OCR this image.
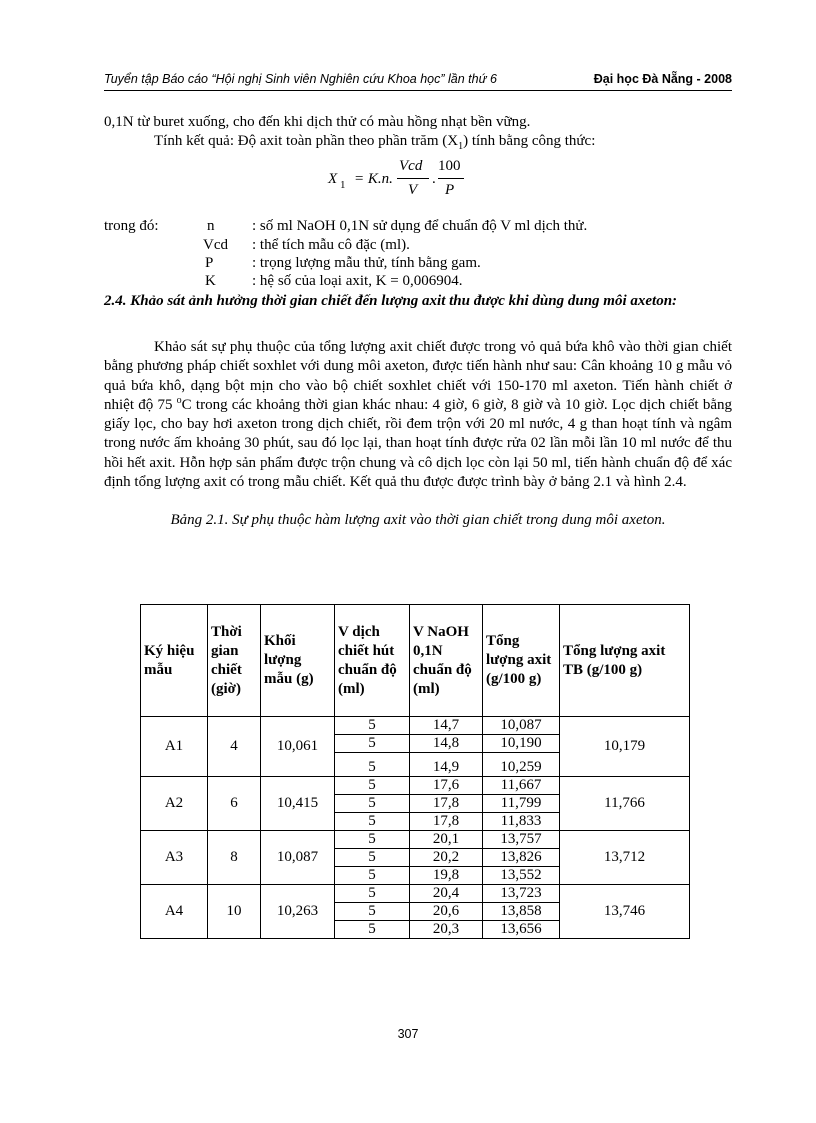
Tuyển tập Báo cáo “Hội nghị Sinh viên Nghiên cứu Khoa học” lần thứ 6	Đại học Đà Nẵng - 2008
0,1N từ buret xuống, cho đến khi dịch thử có màu hồng nhạt bền vững.
Tính kết quả: Độ axit toàn phần theo phần trăm $(X_1)$ tính bằng công thức:
X 1 = K.n.
Vcd
V
.
100
P
trong đó:	n	: số ml NaOH 0,1N sử dụng để chuẩn độ V ml dịch thử.
Vcd : thể tích mẫu cô đặc (ml).
P	: trọng lượng mẫu thử, tính bằng gam.
K : hệ số của loại axit, K = 0,006904.
2.4. Khảo sát ảnh hưởng thời gian chiết đến lượng axit thu được khi dùng dung môi axeton:
Khảo sát sự phụ thuộc của tổng lượng axit chiết được trong vỏ quả bứa khô vào thời gian chiết bằng phương pháp chiết soxhlet với dung môi axeton, được tiến hành như sau: Cân khoảng 10 g mẫu vỏ quả bứa khô, dạng bột mịn cho vào bộ chiết soxhlet chiết với 150-170 ml axeton. Tiến hành chiết ở nhiệt độ 75 $^o$C trong các khoảng thời gian khác nhau: 4 giờ, 6 giờ, 8 giờ và 10 giờ. Lọc dịch chiết bằng giấy lọc, cho bay hơi axeton trong dịch chiết, rồi đem trộn với 20 ml nước, 4 g than hoạt tính và ngâm trong nước ấm khoảng 30 phút, sau đó lọc lại, than hoạt tính được rửa 02 lần mỗi lần 10 ml nước để thu hồi hết axit. Hỗn hợp sản phẩm được trộn chung và cô dịch lọc còn lại 50 ml, tiến hành chuẩn độ để xác định tổng lượng axit có trong mẫu chiết. Kết quả thu được được trình bày ở bảng 2.1 và hình 2.4.
Bảng 2.1. Sự phụ thuộc hàm lượng axit vào thời gian chiết trong dung môi axeton.
Ký hiệu mẫu	Thời gian chiết (giờ)	Khối lượng mẫu (g)	V dịch chiết hút chuẩn độ (ml)	V NaOH 0,1N chuẩn độ (ml)	Tổng lượng axit (g/100 g)	Tổng lượng axit TB (g/100 g)
A1	4	10,061	5	14,7	10,087	10,179
			5	14,8	10,190	
			5	14,9	10,259	
A2	6	10,415	5	17,6	11,667	11,766
			5	17,8	11,799	
			5	17,8	11,833	
A3	8	10,087	5	20,1	13,757	13,712
			5	20,2	13,826	
			5	19,8	13,552	
A4	10	10,263	5	20,4	13,723	13,746
			5	20,6	13,858	
			5	20,3	13,656	
307
